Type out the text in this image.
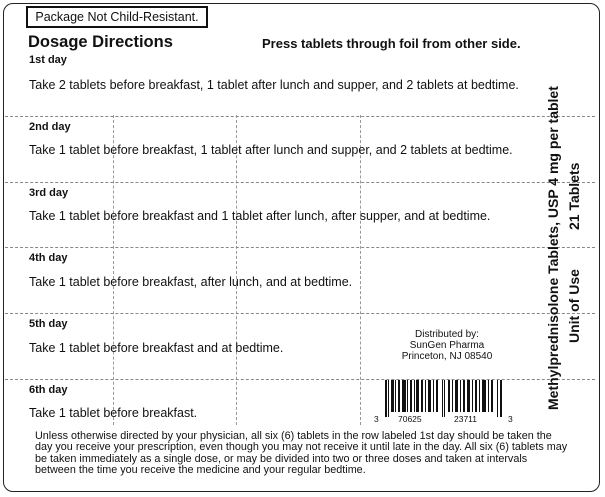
Package Not Child-Resistant.
Dosage Directions	Press tablets through foil from other side.
1st day
Take 2 tablets before breakfast, 1 tablet after lunch and supper, and 2 tablets at bedtime.
2nd day
Take 1 tablet before breakfast, 1 tablet after lunch and supper, and 2 tablets at bedtime.
3rd day
Take 1 tablet before breakfast and 1 tablet after lunch, after supper, and at bedtime.
4th day
Take 1 tablet before breakfast, after lunch, and at bedtime.
5th day
Take 1 tablet before breakfast and at bedtime.
6th day
Take 1 tablet before breakfast.
Distributed by:
SunGen Pharma
Princeton, NJ 08540
3 70625	23711	3
Unless otherwise directed by your physician, all six (6) tablets in the row labeled 1st day should be taken the day you receive your prescription, even though you may not receive it until late in the day. All six (6) tablets may be taken immediately as a single dose, or may be divided into two or three doses and taken at intervals between the time you receive the medicine and your regular bedtime.
Methylprednisolone Tablets, USP 4 mg per tablet 21 Tablets
Unit of Use
